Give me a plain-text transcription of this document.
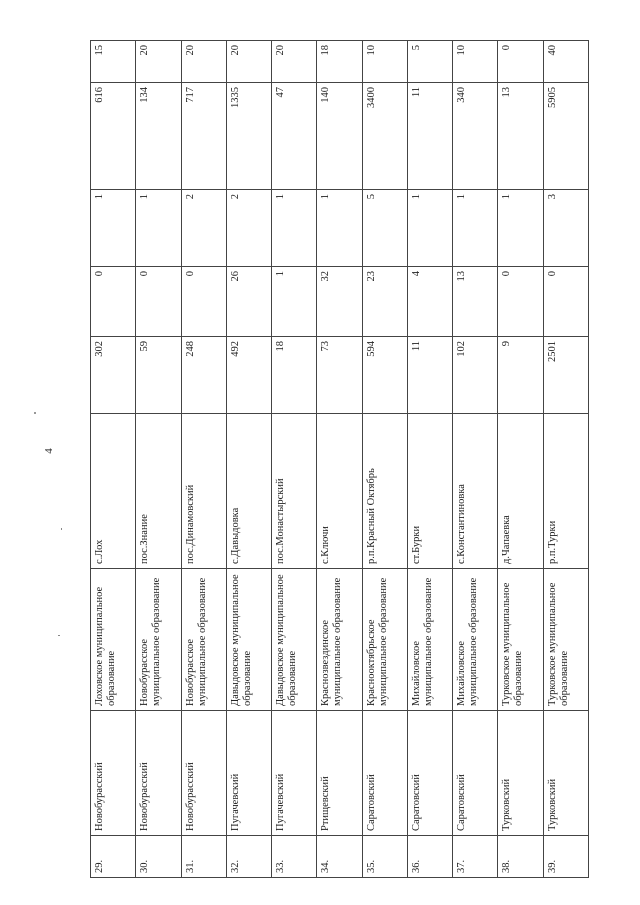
4
29.	Новобурасский	Лоховское муниципальное образование	с.Лох	302	0	1	616	15
30.	Новобурасский	Новобурасское муниципальное образование	пос.Знание	59	0	1	134	20
31.	Новобурасский	Новобурасское муниципальное образование	пос.Динамовский	248	0	2	717	20
32.	Пугачевский	Давыдовское муниципальное образование	с.Давыдовка	492	26	2	1335	20
33.	Пугачевский	Давыдовское муниципальное образование	пос.Монастырский	18	1	1	47	20
34.	Ртищевский	Краснозвездинское муниципальное образование	с.Ключи	73	32	1	140	18
35.	Саратовский	Краснооктябрьское муниципальное образование	р.п.Красный Октябрь	594	23	5	3400	10
36.	Саратовский	Михайловское муниципальное образование	ст.Бурки	11	4	1	11	5
37.	Саратовский	Михайловское муниципальное образование	с.Константиновка	102	13	1	340	10
38.	Турковский	Турковское муниципальное образование	д.Чапаевка	9	0	1	13	0
39.	Турковский	Турковское муниципальное образование	р.п.Турки	2501	0	3	5905	40
